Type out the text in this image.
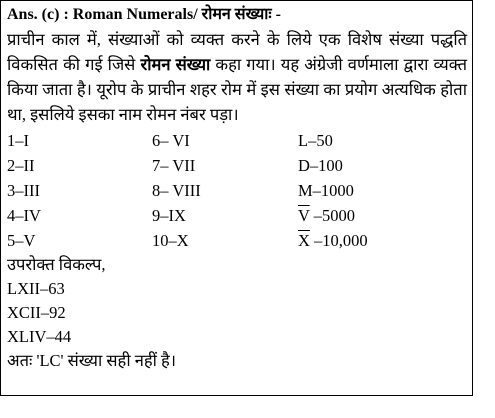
Ans. (c) : Roman Numerals/ रोमन संख्याः -
प्राचीन काल में, संख्याओं को व्यक्त करने के लिये एक विशेष संख्या पद्धति विकसित की गई जिसे रोमन संख्या कहा गया। यह अंग्रेजी वर्णमाला द्वारा व्यक्त किया जाता है। यूरोप के प्राचीन शहर रोम में इस संख्या का प्रयोग अत्यधिक होता था, इसलिये इसका नाम रोमन नंबर पड़ा।
1–I	6– VI	L–50
2–II	7– VII	D–100
3–III	8– VIII	M–1000
4–IV	9–IX	$\overline{V}$ –5000
5–V	10–X	$\overline{X}$ –10,000
उपरोक्त विकल्प,
LXII–63
XCII–92
XLIV–44
अतः 'LC' संख्या सही नहीं है।
